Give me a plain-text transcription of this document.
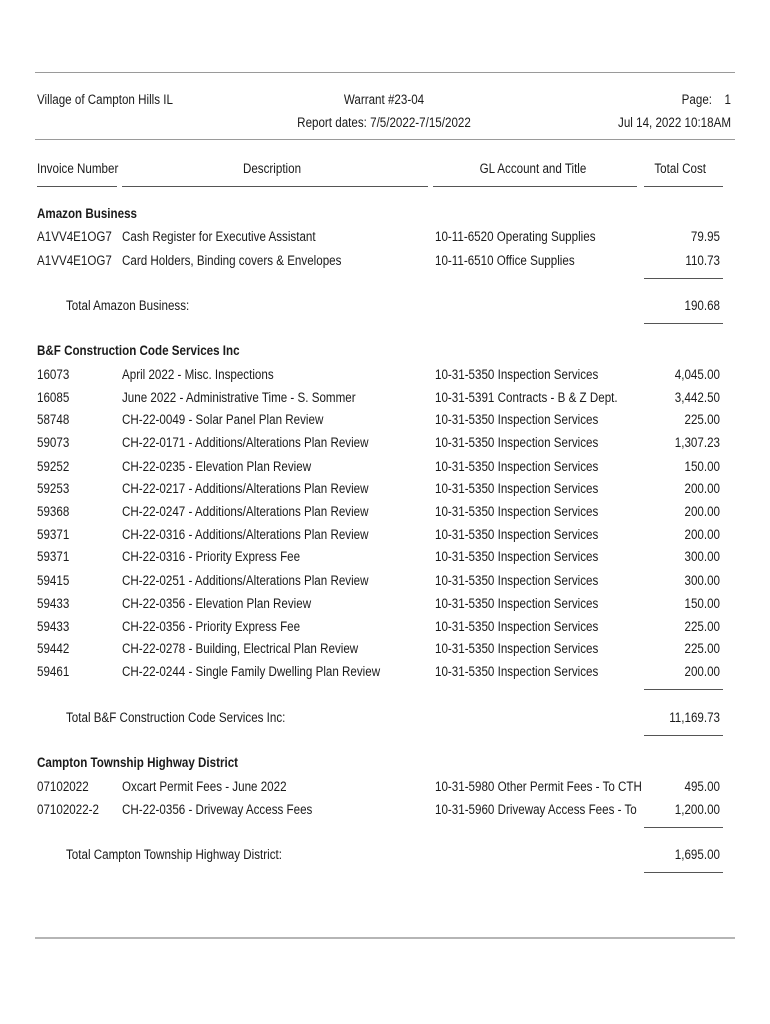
Village of Campton Hills IL	Warrant #23-04
Report dates: 7/5/2022-7/15/2022
Page: 1
Jul 14, 2022 10:18AM
Invoice Number	Description	GL Account and Title	Total Cost
Amazon Business
A1VV4E1OG7 Cash Register for Executive Assistant	10-11-6520 Operating Supplies	79.95
A1VV4E1OG7 Card Holders, Binding covers & Envelopes	10-11-6510 Office Supplies	110.73
Total Amazon Business:	190.68
B&F Construction Code Services Inc
16073	April 2022 - Misc. Inspections	10-31-5350 Inspection Services	4,045.00
16085	June 2022 - Administrative Time - S. Sommer	10-31-5391 Contracts - B & Z Dept.	3,442.50
58748	CH-22-0049 - Solar Panel Plan Review	10-31-5350 Inspection Services	225.00
59073	CH-22-0171 - Additions/Alterations Plan Review	10-31-5350 Inspection Services	1,307.23
59252	CH-22-0235 - Elevation Plan Review	10-31-5350 Inspection Services	150.00
59253	CH-22-0217 - Additions/Alterations Plan Review	10-31-5350 Inspection Services	200.00
59368	CH-22-0247 - Additions/Alterations Plan Review	10-31-5350 Inspection Services	200.00
59371	CH-22-0316 - Additions/Alterations Plan Review	10-31-5350 Inspection Services	200.00
59371	CH-22-0316 - Priority Express Fee	10-31-5350 Inspection Services	300.00
59415	CH-22-0251 - Additions/Alterations Plan Review	10-31-5350 Inspection Services	300.00
59433	CH-22-0356 - Elevation Plan Review	10-31-5350 Inspection Services	150.00
59433	CH-22-0356 - Priority Express Fee	10-31-5350 Inspection Services	225.00
59442	CH-22-0278 - Building, Electrical Plan Review	10-31-5350 Inspection Services	225.00
59461	CH-22-0244 - Single Family Dwelling Plan Review	10-31-5350 Inspection Services	200.00
Total B&F Construction Code Services Inc:	11,169.73
Campton Township Highway District
07102022 Oxcart Permit Fees - June 2022	10-31-5980 Other Permit Fees - To CTH	495.00
07102022-2 CH-22-0356 - Driveway Access Fees	10-31-5960 Driveway Access Fees - To	1,200.00
Total Campton Township Highway District:	1,695.00
